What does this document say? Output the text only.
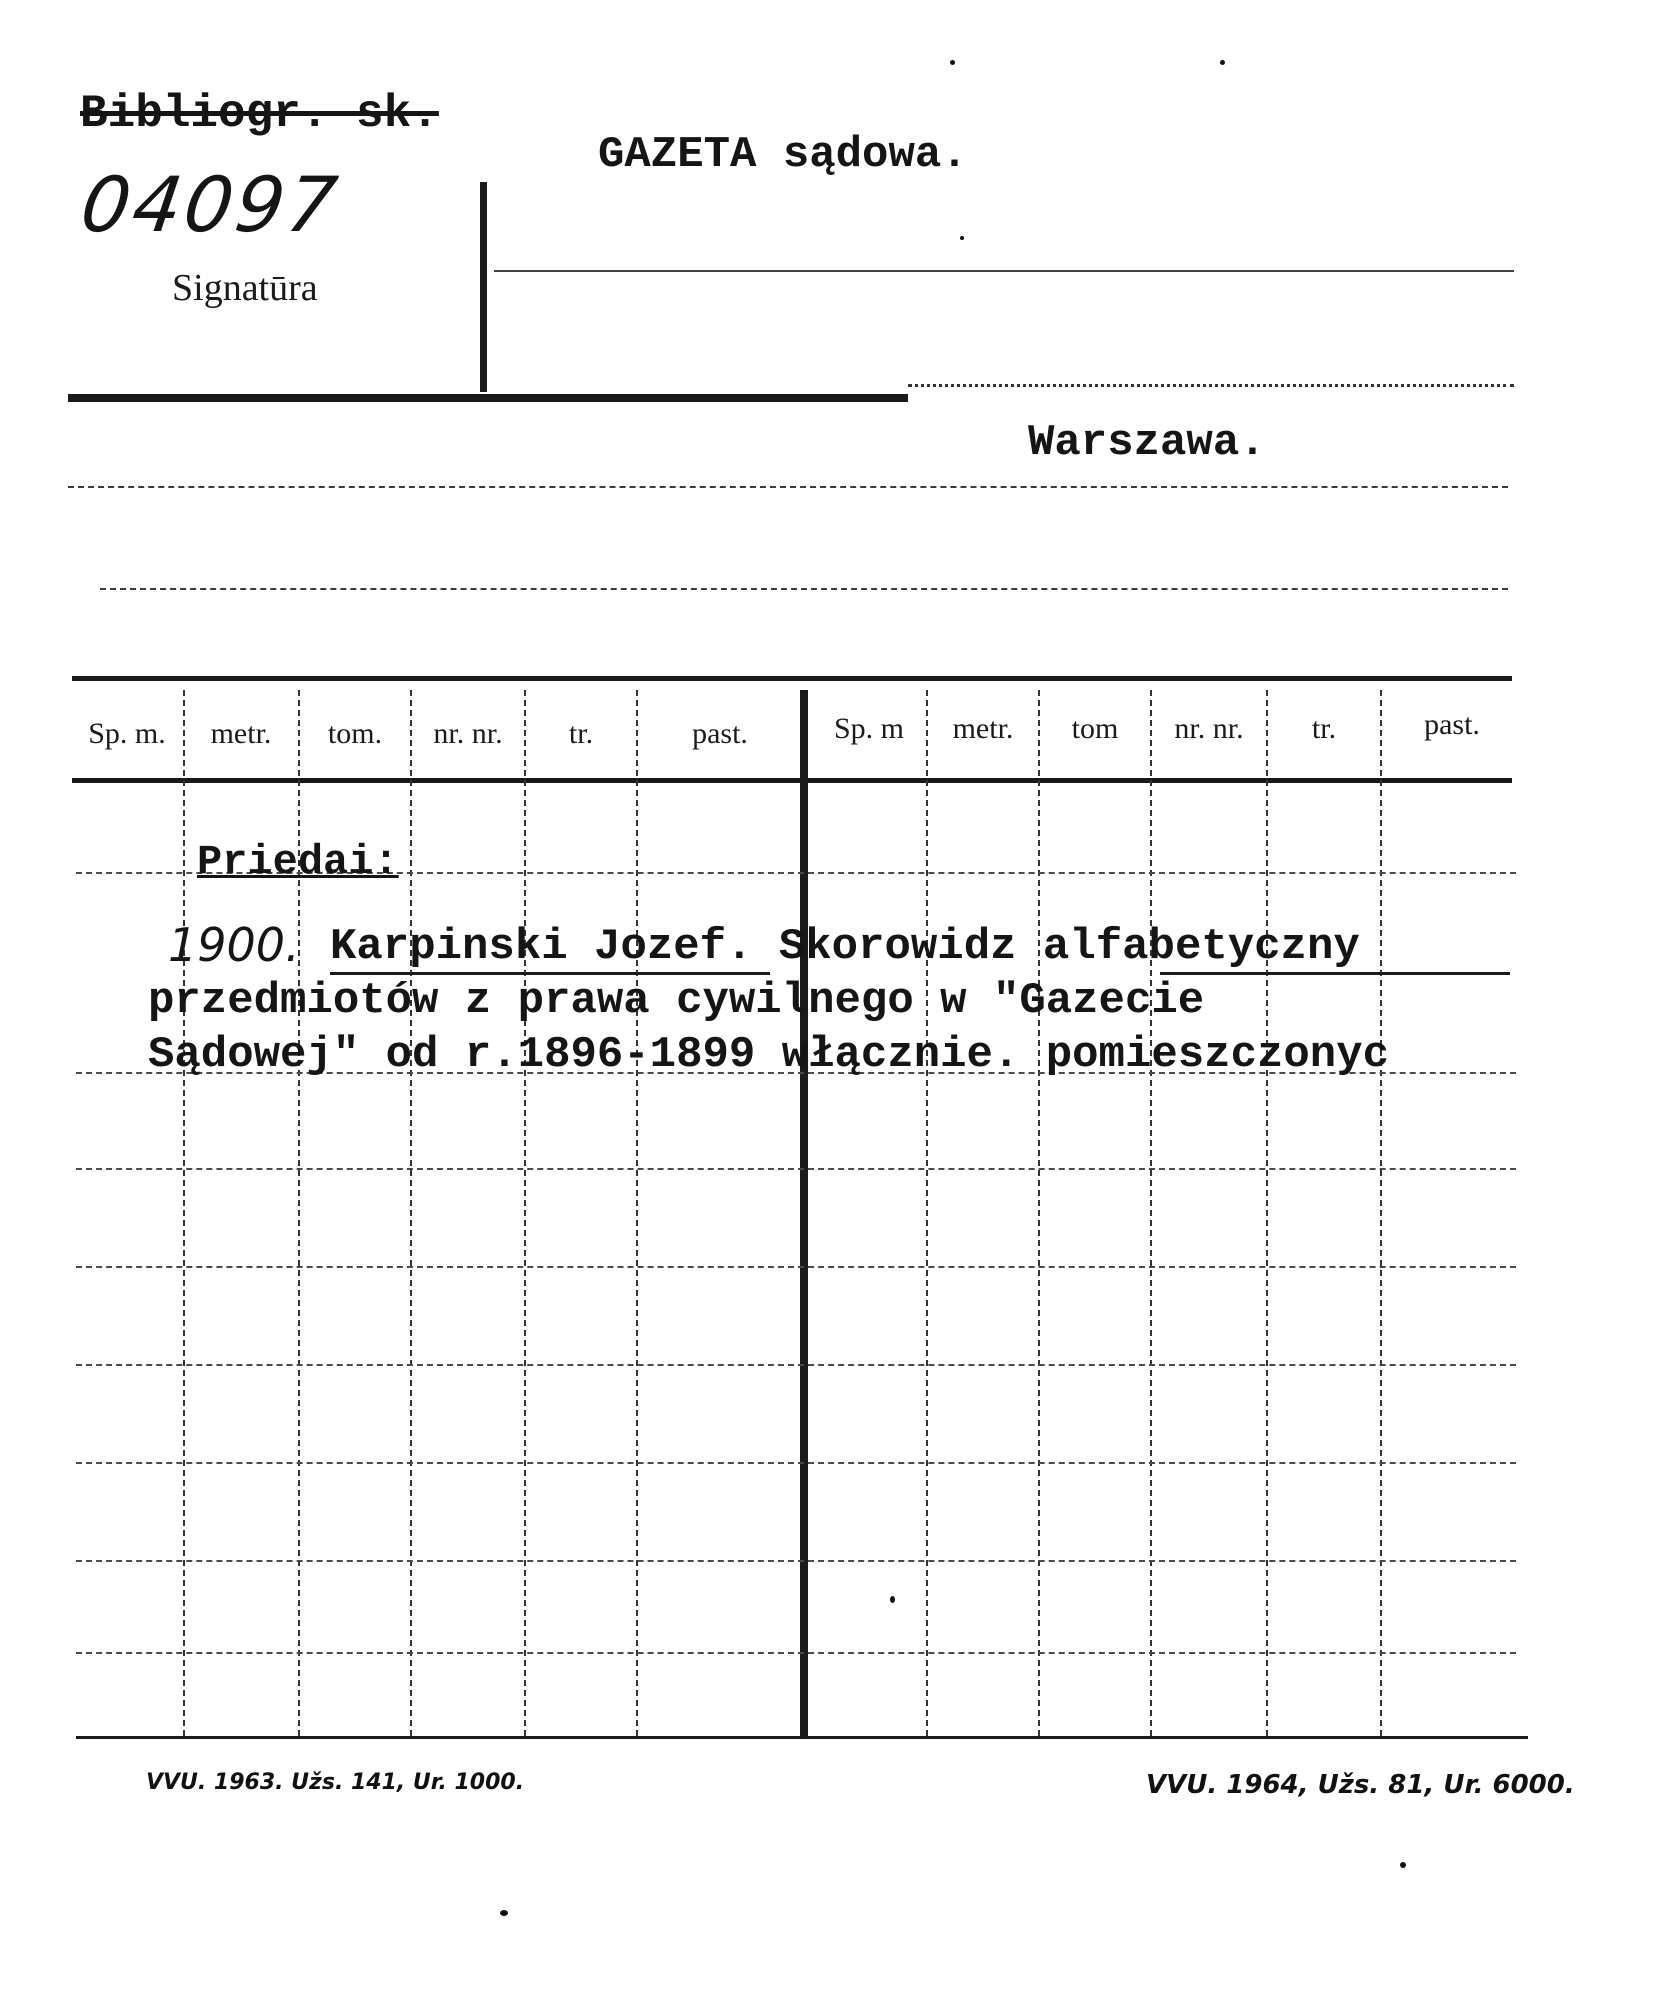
Bibliogr. sk.
04097
Signatūra
GAZETA sądowa.
Warszawa.
Sp. m.	metr.	tom.	nr. nr.	tr.	past.	Sp. m	metr.	tom	nr. nr.	tr.	past.
Priedai:
1900. Karpinski Jozef. Skorowidz alfabetyczny
przedmiotów z prawa cywilnego w "Gazecie
Sądowej" od r.1896-1899 włącznie. pomieszczonyc
VVU. 1963. Užs. 141, Ur. 1000.	VVU. 1964, Užs. 81, Ur. 6000.
